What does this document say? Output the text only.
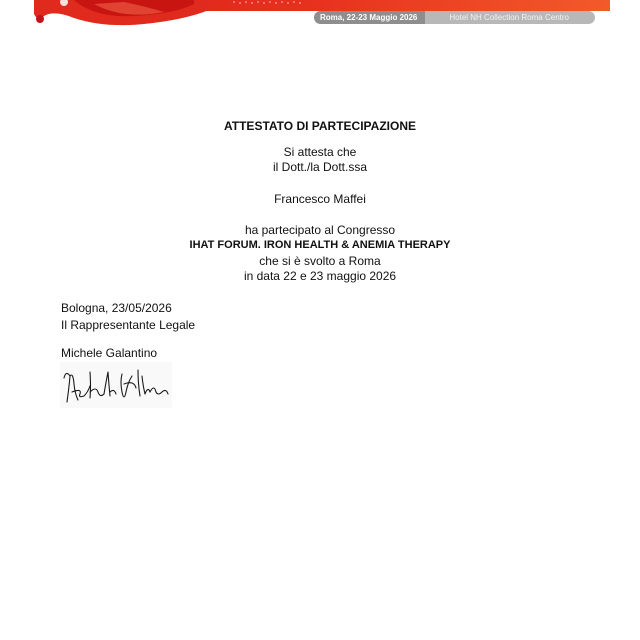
Roma, 22-23 Maggio 2026	Hotel NH Collection Roma Centro
ATTESTATO DI PARTECIPAZIONE
Si attesta che
il Dott./la Dott.ssa
Francesco Maffei
ha partecipato al Congresso
IHAT FORUM. IRON HEALTH & ANEMIA THERAPY
che si è svolto a Roma
in data 22 e 23 maggio 2026
Bologna, 23/05/2026
Il Rappresentante Legale
Michele Galantino
